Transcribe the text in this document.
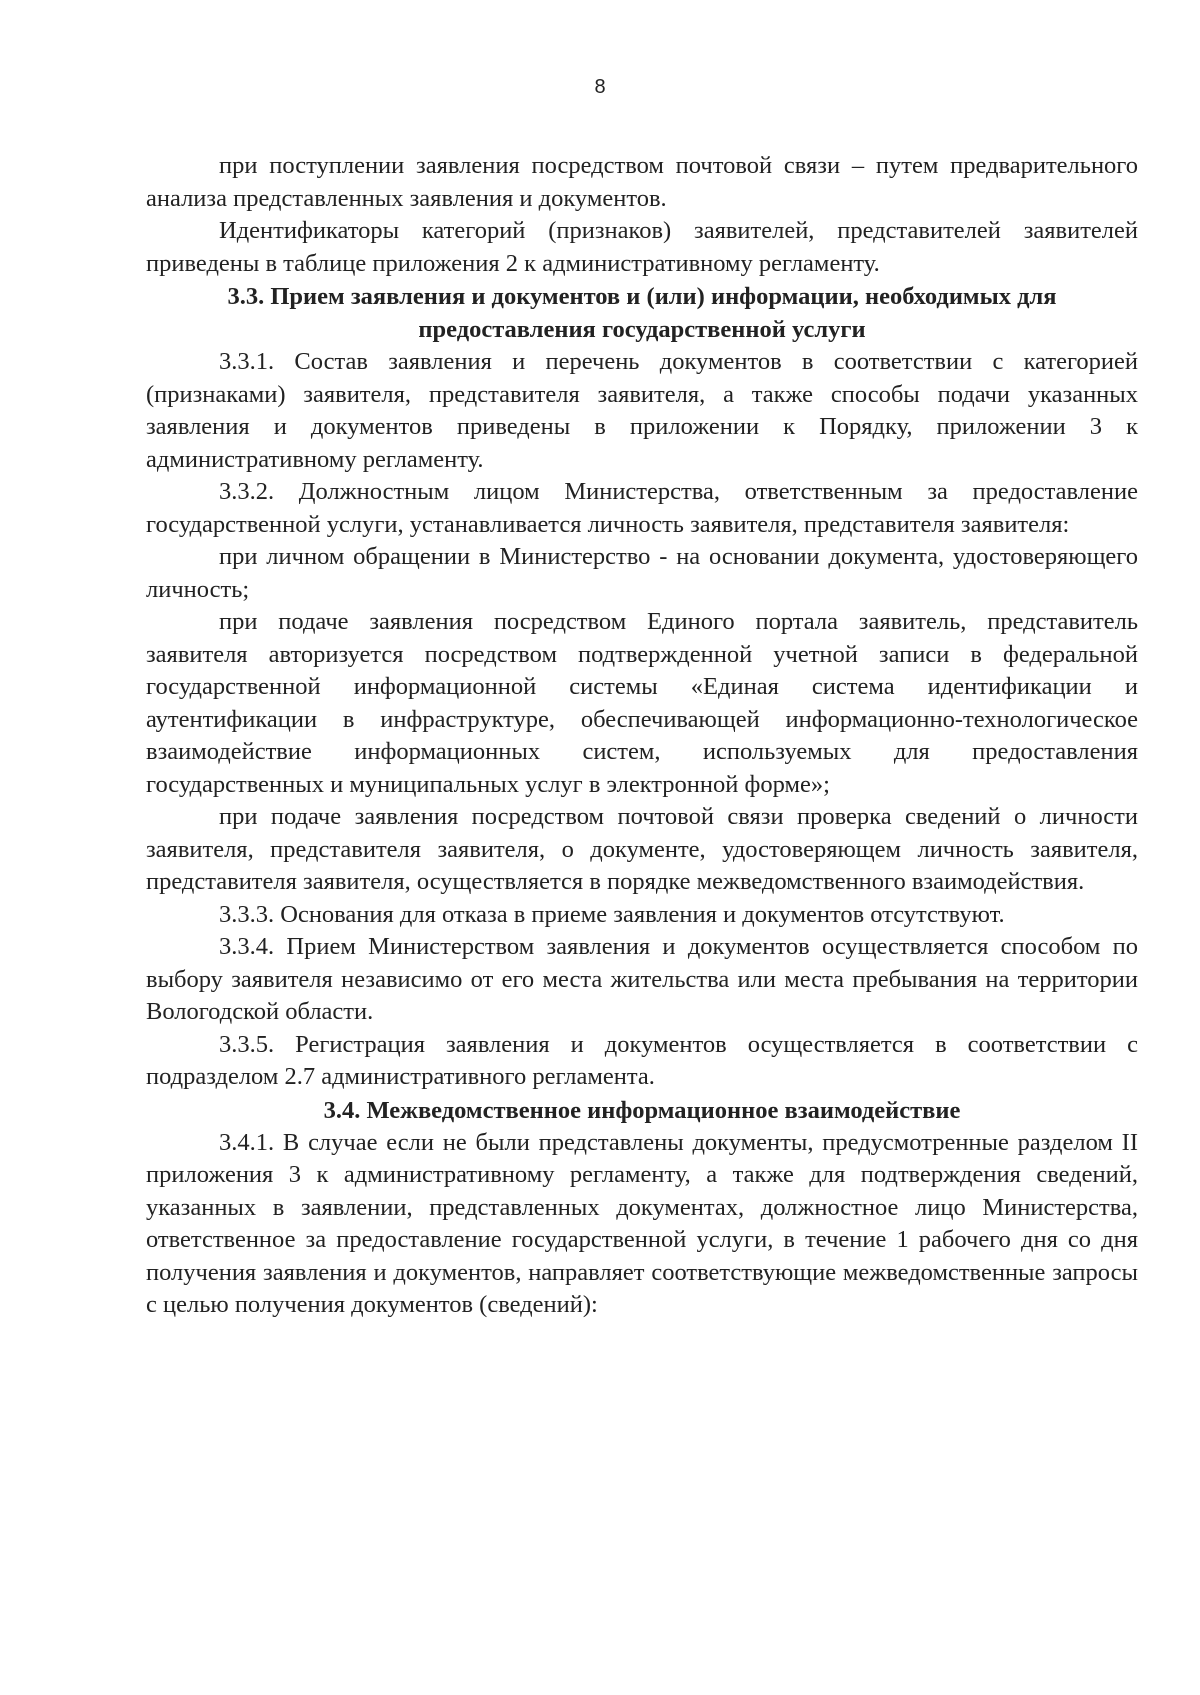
8

при поступлении заявления посредством почтовой связи – путем предварительного анализа представленных заявления и документов.

Идентификаторы категорий (признаков) заявителей, представителей заявителей приведены в таблице приложения 2 к административному регламенту.

3.3. Прием заявления и документов и (или) информации, необходимых для предоставления государственной услуги

3.3.1. Состав заявления и перечень документов в соответствии с категорией (признаками) заявителя, представителя заявителя, а также способы подачи указанных заявления и документов приведены в приложении к Порядку, приложении 3 к административному регламенту.

3.3.2. Должностным лицом Министерства, ответственным за предоставление государственной услуги, устанавливается личность заявителя, представителя заявителя:

при личном обращении в Министерство - на основании документа, удостоверяющего личность;

при подаче заявления посредством Единого портала заявитель, представитель заявителя авторизуется посредством подтвержденной учетной записи в федеральной государственной информационной системы «Единая система идентификации и аутентификации в инфраструктуре, обеспечивающей информационно-технологическое взаимодействие информационных систем, используемых для предоставления государственных и муниципальных услуг в электронной форме»;

при подаче заявления посредством почтовой связи проверка сведений о личности заявителя, представителя заявителя, о документе, удостоверяющем личность заявителя, представителя заявителя, осуществляется в порядке межведомственного взаимодействия.

3.3.3. Основания для отказа в приеме заявления и документов отсутствуют.

3.3.4. Прием Министерством заявления и документов осуществляется способом по выбору заявителя независимо от его места жительства или места пребывания на территории Вологодской области.

3.3.5. Регистрация заявления и документов осуществляется в соответствии с подразделом 2.7 административного регламента.

3.4. Межведомственное информационное взаимодействие

3.4.1. В случае если не были представлены документы, предусмотренные разделом II приложения 3 к административному регламенту, а также для подтверждения сведений, указанных в заявлении, представленных документах, должностное лицо Министерства, ответственное за предоставление государственной услуги, в течение 1 рабочего дня со дня получения заявления и документов, направляет соответствующие межведомственные запросы с целью получения документов (сведений):
